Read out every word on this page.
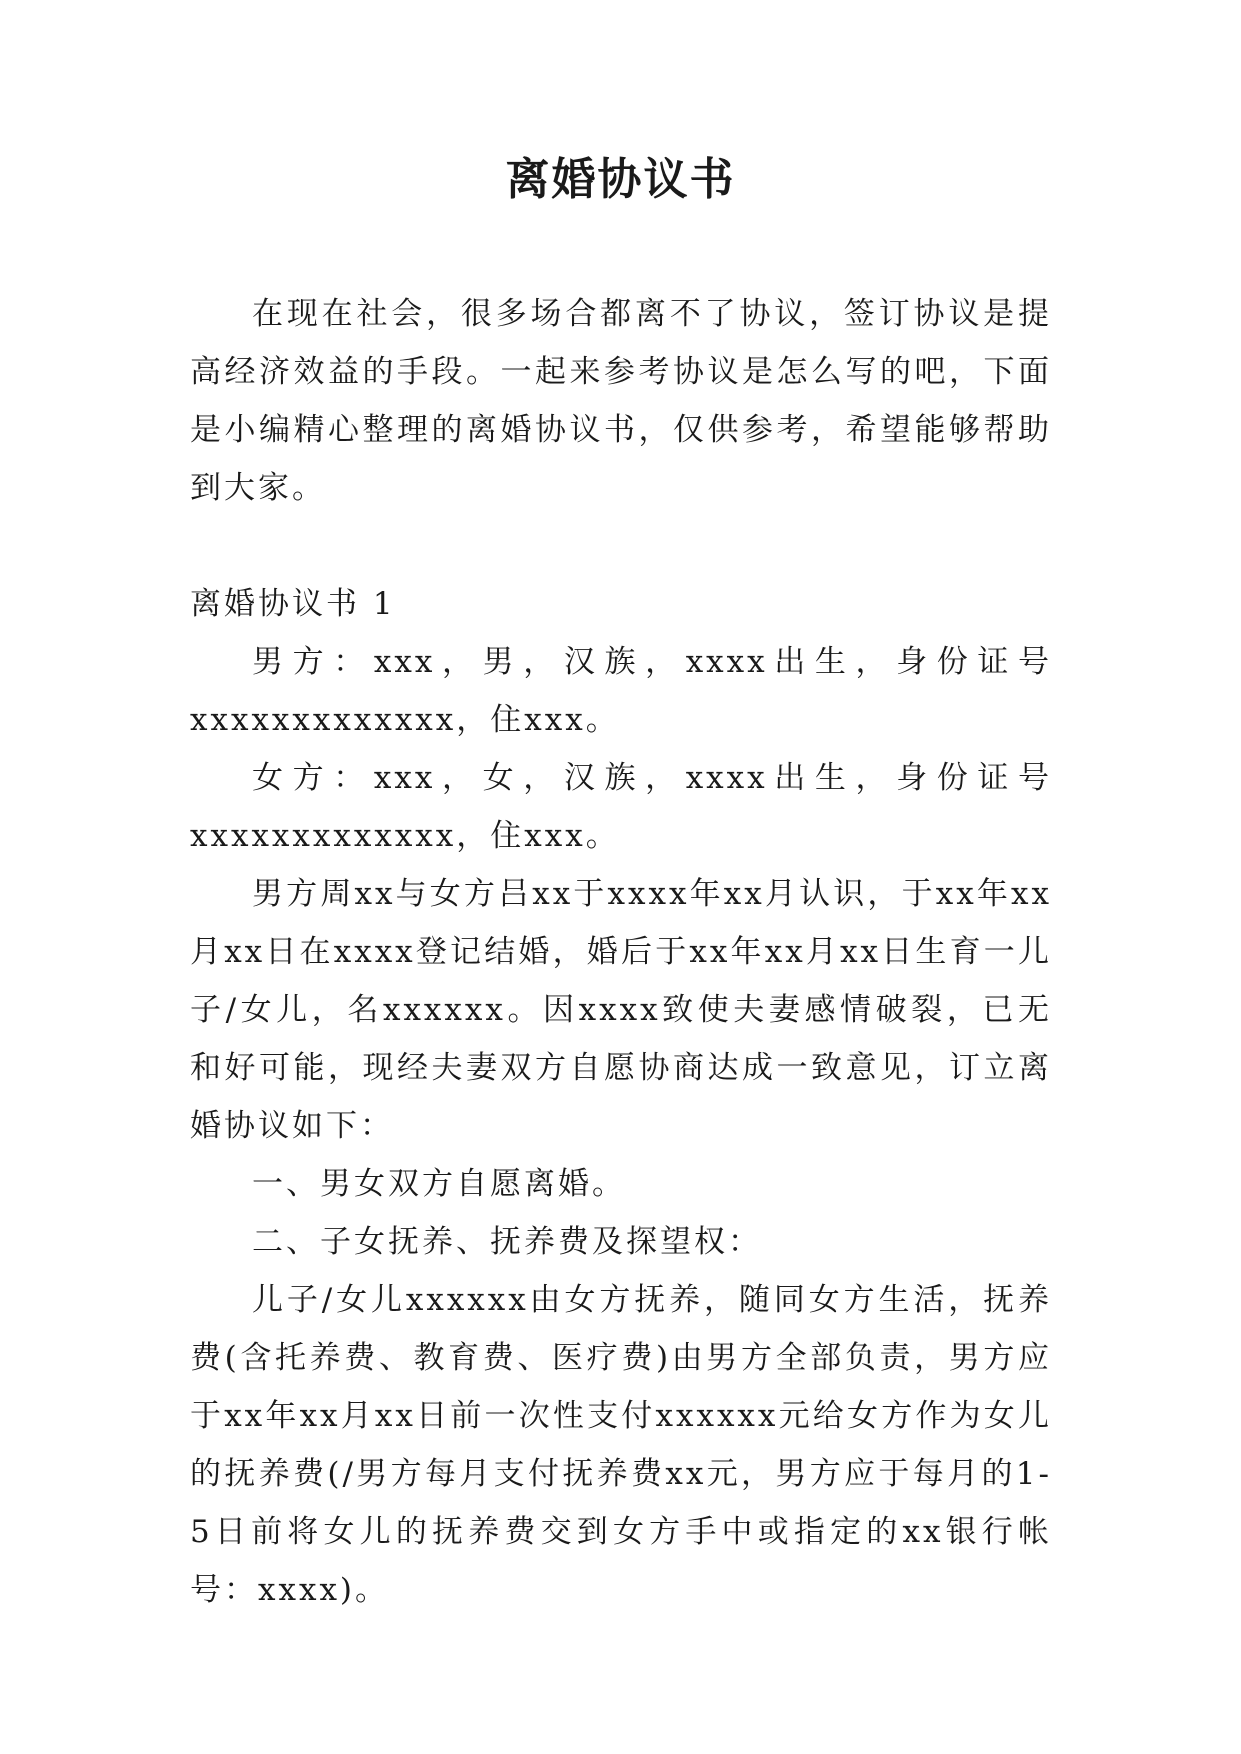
离婚协议书

在现在社会，很多场合都离不了协议，签订协议是提高经济效益的手段。一起来参考协议是怎么写的吧，下面是小编精心整理的离婚协议书，仅供参考，希望能够帮助到大家。

离婚协议书 1

男方：xxx，男，汉族，xxxx出生，身份证号xxxxxxxxxxxxx，住xxx。

女方：xxx，女，汉族，xxxx出生，身份证号xxxxxxxxxxxxx，住xxx。

男方周xx与女方吕xx于xxxx年xx月认识，于xx年xx月xx日在xxxx登记结婚，婚后于xx年xx月xx日生育一儿子/女儿，名xxxxxx。因xxxx致使夫妻感情破裂，已无和好可能，现经夫妻双方自愿协商达成一致意见，订立离婚协议如下：

一、男女双方自愿离婚。

二、子女抚养、抚养费及探望权：

儿子/女儿xxxxxx由女方抚养，随同女方生活，抚养费(含托养费、教育费、医疗费)由男方全部负责，男方应于xx年xx月xx日前一次性支付xxxxxx元给女方作为女儿的抚养费(/男方每月支付抚养费xx元，男方应于每月的1-5日前将女儿的抚养费交到女方手中或指定的xx银行帐号：xxxx)。
